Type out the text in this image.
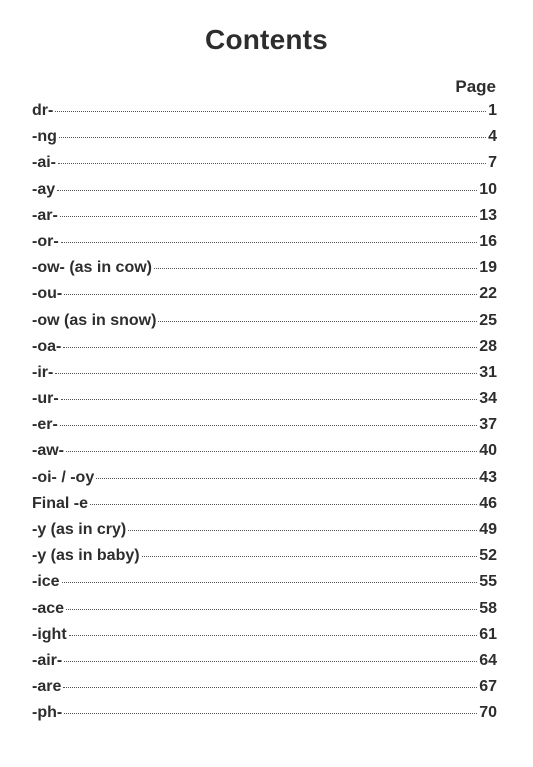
Contents
Page
dr-	1
-ng	4
-ai-	7
-ay	10
-ar-	13
-or-	16
-ow- (as in cow)	19
-ou-	22
-ow (as in snow)	25
-oa-	28
-ir-	31
-ur-	34
-er-	37
-aw-	40
-oi- / -oy	43
Final -e	46
-y (as in cry)	49
-y (as in baby)	52
-ice	55
-ace	58
-ight	61
-air-	64
-are	67
-ph-	70
